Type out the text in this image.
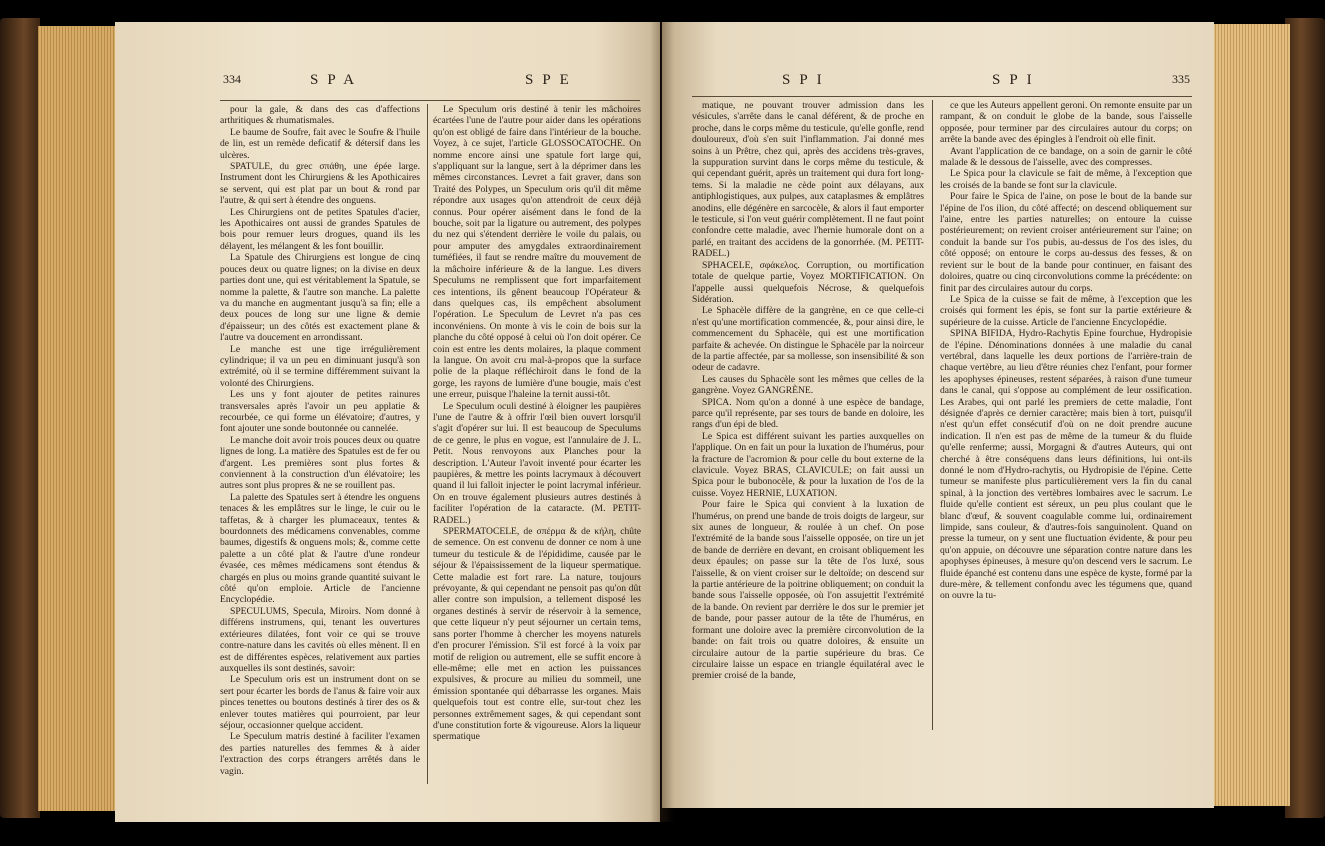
334	SPA	SPE

pour la gale, & dans des cas d'affections arthritiques & rhumatismales.

Le baume de Soufre, fait avec le Soufre & l'huile de lin, est un remède deficatif & détersif dans les ulcères.

SPATULE, du grec σπάθη, une épée large. Instrument dont les Chirurgiens & les Apothicaires se servent, qui est plat par un bout & rond par l'autre, & qui sert à étendre des onguens.

Les Chirurgiens ont de petites Spatules d'acier, les Apothicaires ont aussi de grandes Spatules de bois pour remuer leurs drogues, quand ils les délayent, les mélangent & les font bouillir.

La Spatule des Chirurgiens est longue de cinq pouces deux ou quatre lignes; on la divise en deux parties dont une, qui est véritablement la Spatule, se nomme la palette, & l'autre son manche. La palette va du manche en augmentant jusqu'à sa fin; elle a deux pouces de long sur une ligne & demie d'épaisseur; un des côtés est exactement plane & l'autre va doucement en arrondissant.

Le manche est une tige irrégulièrement cylindrique; il va un peu en diminuant jusqu'à son extrémité, où il se termine différemment suivant la volonté des Chirurgiens.

Les uns y font ajouter de petites rainures transversales après l'avoir un peu applatie & recourbée, ce qui forme un élévatoire; d'autres, y font ajouter une sonde boutonnée ou cannelée.

Le manche doit avoir trois pouces deux ou quatre lignes de long. La matière des Spatules est de fer ou d'argent. Les premières sont plus fortes & conviennent à la construction d'un élévatoire; les autres sont plus propres & ne se rouillent pas.

La palette des Spatules sert à étendre les onguens tenaces & les emplâtres sur le linge, le cuir ou le taffetas, & à charger les plumaceaux, tentes & bourdonnets des médicamens convenables, comme baumes, digestifs & onguens mols; &, comme cette palette a un côté plat & l'autre d'une rondeur évasée, ces mêmes médicamens sont étendus & chargés en plus ou moins grande quantité suivant le côté qu'on emploie. Article de l'ancienne Encyclopédie.

SPECULUMS, Specula, Miroirs. Nom donné à différens instrumens, qui, tenant les ouvertures extérieures dilatées, font voir ce qui se trouve contre-nature dans les cavités où elles mènent. Il en est de différentes espèces, relativement aux parties auxquelles ils sont destinés, savoir:

Le Speculum oris est un instrument dont on se sert pour écarter les bords de l'anus & faire voir aux pinces tenettes ou boutons destinés à tirer des os & enlever toutes matières qui pourroient, par leur séjour, occasionner quelque accident.

Le Speculum matris destiné à faciliter l'examen des parties naturelles des femmes & à aider l'extraction des corps étrangers arrêtés dans le vagin.

Le Speculum oris destiné à tenir les mâchoires écartées l'une de l'autre pour aider dans les opérations qu'on est obligé de faire dans l'intérieur de la bouche. Voyez, à ce sujet, l'article GLOSSOCATOCHE. On nomme encore ainsi une spatule fort large qui, s'appliquant sur la langue, sert à la déprimer dans les mêmes circonstances. Levret a fait graver, dans son Traité des Polypes, un Speculum oris qu'il dit même répondre aux usages qu'on attendroit de ceux déjà connus. Pour opérer aisément dans le fond de la bouche, soit par la ligature ou autrement, des polypes du nez qui s'étendent derrière le voile du palais, ou pour amputer des amygdales extraordinairement tuméfiées, il faut se rendre maître du mouvement de la mâchoire inférieure & de la langue. Les divers Speculums ne remplissent que fort imparfaitement ces intentions, ils gênent beaucoup l'Opérateur & dans quelques cas, ils empêchent absolument l'opération. Le Speculum de Levret n'a pas ces inconvéniens. On monte à vis le coin de bois sur la planche du côté opposé à celui où l'on doit opérer. Ce coin est entre les dents molaires, la plaque comment la langue. On avoit cru mal-à-propos que la surface polie de la plaque réfléchiroit dans le fond de la gorge, les rayons de lumière d'une bougie, mais c'est une erreur, puisque l'haleine la ternit aussi-tôt.

Le Speculum oculi destiné à éloigner les paupières l'une de l'autre & à offrir l'œil bien ouvert lorsqu'il s'agit d'opérer sur lui. Il est beaucoup de Speculums de ce genre, le plus en vogue, est l'annulaire de J. L. Petit. Nous renvoyons aux Planches pour la description. L'Auteur l'avoit inventé pour écarter les paupières, & mettre les points lacrymaux à découvert quand il lui falloit injecter le point lacrymal inférieur. On en trouve également plusieurs autres destinés à faciliter l'opération de la cataracte. (M. PETIT-RADEL.)

SPERMATOCELE, de σπέρμα & de κήλη, chûte de semence. On est convenu de donner ce nom à une tumeur du testicule & de l'épididime, causée par le séjour & l'épaississement de la liqueur spermatique. Cette maladie est fort rare. La nature, toujours prévoyante, & qui cependant ne pensoit pas qu'on dût aller contre son impulsion, a tellement disposé les organes destinés à servir de réservoir à la semence, que cette liqueur n'y peut séjourner un certain tems, sans porter l'homme à chercher les moyens naturels d'en procurer l'émission. S'il est forcé à la voix par motif de religion ou autrement, elle se suffit encore à elle-même; elle met en action les puissances expulsives, & procure au milieu du sommeil, une émission spontanée qui débarrasse les organes. Mais quelquefois tout est contre elle, sur-tout chez les personnes extrêmement sages, & qui cependant sont d'une constitution forte & vigoureuse. Alors la liqueur spermatique

SPI	SPI	335

matique, ne pouvant trouver admission dans les vésicules, s'arrête dans le canal déférent, & de proche en proche, dans le corps même du testicule, qu'elle gonfle, rend douloureux, d'où s'en suit l'inflammation. J'ai donné mes soins à un Prêtre, chez qui, après des accidens très-graves, la suppuration survint dans le corps même du testicule, & qui cependant guérit, après un traitement qui dura fort long-tems. Si la maladie ne cède point aux délayans, aux antiphlogistiques, aux pulpes, aux cataplasmes & emplâtres anodins, elle dégénère en sarcocèle, & alors il faut emporter le testicule, si l'on veut guérir complètement. Il ne faut point confondre cette maladie, avec l'hernie humorale dont on a parlé, en traitant des accidens de la gonorrhée. (M. PETIT-RADEL.)

SPHACELE, σφάκελος. Corruption, ou mortification totale de quelque partie, Voyez MORTIFICATION. On l'appelle aussi quelquefois Nécrose, & quelquefois Sidération.

Le Sphacèle diffère de la gangrène, en ce que celle-ci n'est qu'une mortification commencée, &, pour ainsi dire, le commencement du Sphacèle, qui est une mortification parfaite & achevée. On distingue le Sphacèle par la noirceur de la partie affectée, par sa mollesse, son insensibilité & son odeur de cadavre.

Les causes du Sphacèle sont les mêmes que celles de la gangrène. Voyez GANGRÈNE.

SPICA. Nom qu'on a donné à une espèce de bandage, parce qu'il représente, par ses tours de bande en doloire, les rangs d'un épi de bled.

Le Spica est différent suivant les parties auxquelles on l'applique. On en fait un pour la luxation de l'humérus, pour la fracture de l'acromion & pour celle du bout externe de la clavicule. Voyez BRAS, CLAVICULE; on fait aussi un Spica pour le bubonocèle, & pour la luxation de l'os de la cuisse. Voyez HERNIE, LUXATION.

Pour faire le Spica qui convient à la luxation de l'humérus, on prend une bande de trois doigts de largeur, sur six aunes de longueur, & roulée à un chef. On pose l'extrémité de la bande sous l'aisselle opposée, on tire un jet de bande de derrière en devant, en croisant obliquement les deux épaules; on passe sur la tête de l'os luxé, sous l'aisselle, & on vient croiser sur le deltoïde; on descend sur la partie antérieure de la poitrine obliquement; on conduit la bande sous l'aisselle opposée, où l'on assujettit l'extrémité de la bande. On revient par derrière le dos sur le premier jet de bande, pour passer autour de la tête de l'humérus, en formant une doloire avec la première circonvolution de la bande: on fait trois ou quatre doloires, & ensuite un circulaire autour de la partie supérieure du bras. Ce circulaire laisse un espace en triangle équilatéral avec le premier croisé de la bande,

ce que les Auteurs appellent geroni. On remonte ensuite par un rampant, & on conduit le globe de la bande, sous l'aisselle opposée, pour terminer par des circulaires autour du corps; on arrête la bande avec des épingles à l'endroit où elle finit.

Avant l'application de ce bandage, on a soin de garnir le côté malade & le dessous de l'aisselle, avec des compresses.

Le Spica pour la clavicule se fait de même, à l'exception que les croisés de la bande se font sur la clavicule.

Pour faire le Spica de l'aine, on pose le bout de la bande sur l'épine de l'os ilion, du côté affecté; on descend obliquement sur l'aine, entre les parties naturelles; on entoure la cuisse postérieurement; on revient croiser antérieurement sur l'aine; on conduit la bande sur l'os pubis, au-dessus de l'os des isles, du côté opposé; on entoure le corps au-dessus des fesses, & on revient sur le bout de la bande pour continuer, en faisant des doloires, quatre ou cinq circonvolutions comme la précédente: on finit par des circulaires autour du corps.

Le Spica de la cuisse se fait de même, à l'exception que les croisés qui forment les épis, se font sur la partie extérieure & supérieure de la cuisse. Article de l'ancienne Encyclopédie.

SPINA BIFIDA, Hydro-Rachytis Epine fourchue, Hydropisie de l'épine. Dénominations données à une maladie du canal vertébral, dans laquelle les deux portions de l'arrière-train de chaque vertèbre, au lieu d'être réunies chez l'enfant, pour former les apophyses épineuses, restent séparées, à raison d'une tumeur dans le canal, qui s'oppose au complément de leur ossification. Les Arabes, qui ont parlé les premiers de cette maladie, l'ont désignée d'après ce dernier caractère; mais bien à tort, puisqu'il n'est qu'un effet consécutif d'où on ne doit prendre aucune indication. Il n'en est pas de même de la tumeur & du fluide qu'elle renferme; aussi, Morgagni & d'autres Auteurs, qui ont cherché à être conséquens dans leurs définitions, lui ont-ils donné le nom d'Hydro-rachytis, ou Hydropisie de l'épine. Cette tumeur se manifeste plus particulièrement vers la fin du canal spinal, à la jonction des vertèbres lombaires avec le sacrum. Le fluide qu'elle contient est séreux, un peu plus coulant que le blanc d'œuf, & souvent coagulable comme lui, ordinairement limpide, sans couleur, & d'autres-fois sanguinolent. Quand on presse la tumeur, on y sent une fluctuation évidente, & pour peu qu'on appuie, on découvre une séparation contre nature dans les apophyses épineuses, à mesure qu'on descend vers le sacrum. Le fluide épanché est contenu dans une espèce de kyste, formé par la dure-mère, & tellement confondu avec les tégumens que, quand on ouvre la tu-
